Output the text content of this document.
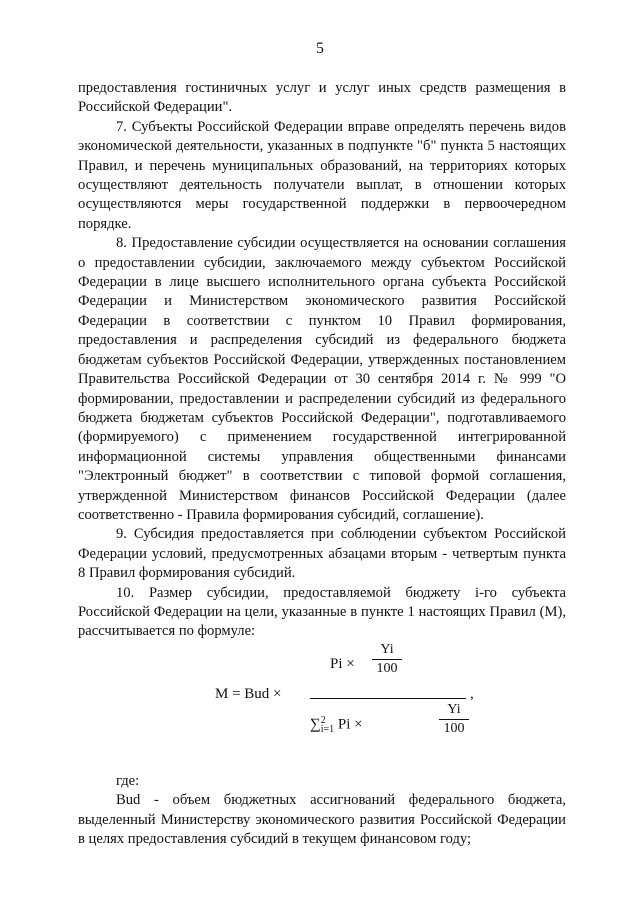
5

предоставления гостиничных услуг и услуг иных средств размещения в Российской Федерации".

7. Субъекты Российской Федерации вправе определять перечень видов экономической деятельности, указанных в подпункте "б" пункта 5 настоящих Правил, и перечень муниципальных образований, на территориях которых осуществляют деятельность получатели выплат, в отношении которых осуществляются меры государственной поддержки в первоочередном порядке.

8. Предоставление субсидии осуществляется на основании соглашения о предоставлении субсидии, заключаемого между субъектом Российской Федерации в лице высшего исполнительного органа субъекта Российской Федерации и Министерством экономического развития Российской Федерации в соответствии с пунктом 10 Правил формирования, предоставления и распределения субсидий из федерального бюджета бюджетам субъектов Российской Федерации, утвержденных постановлением Правительства Российской Федерации от 30 сентября 2014 г. № 999 "О формировании, предоставлении и распределении субсидий из федерального бюджета бюджетам субъектов Российской Федерации", подготавливаемого (формируемого) с применением государственной интегрированной информационной системы управления общественными финансами "Электронный бюджет" в соответствии с типовой формой соглашения, утвержденной Министерством финансов Российской Федерации (далее соответственно - Правила формирования субсидий, соглашение).

9. Субсидия предоставляется при соблюдении субъектом Российской Федерации условий, предусмотренных абзацами вторым - четвертым пункта 8 Правил формирования субсидий.

10. Размер субсидии, предоставляемой бюджету i-го субъекта Российской Федерации на цели, указанные в пункте 1 настоящих Правил (М), рассчитывается по формуле:

M = Bud ×
Pi ×
Yi
100
∑ 2
i=1 Pi ×
Yi
100
,

где:

Bud - объем бюджетных ассигнований федерального бюджета, выделенный Министерству экономического развития Российской Федерации в целях предоставления субсидий в текущем финансовом году;
